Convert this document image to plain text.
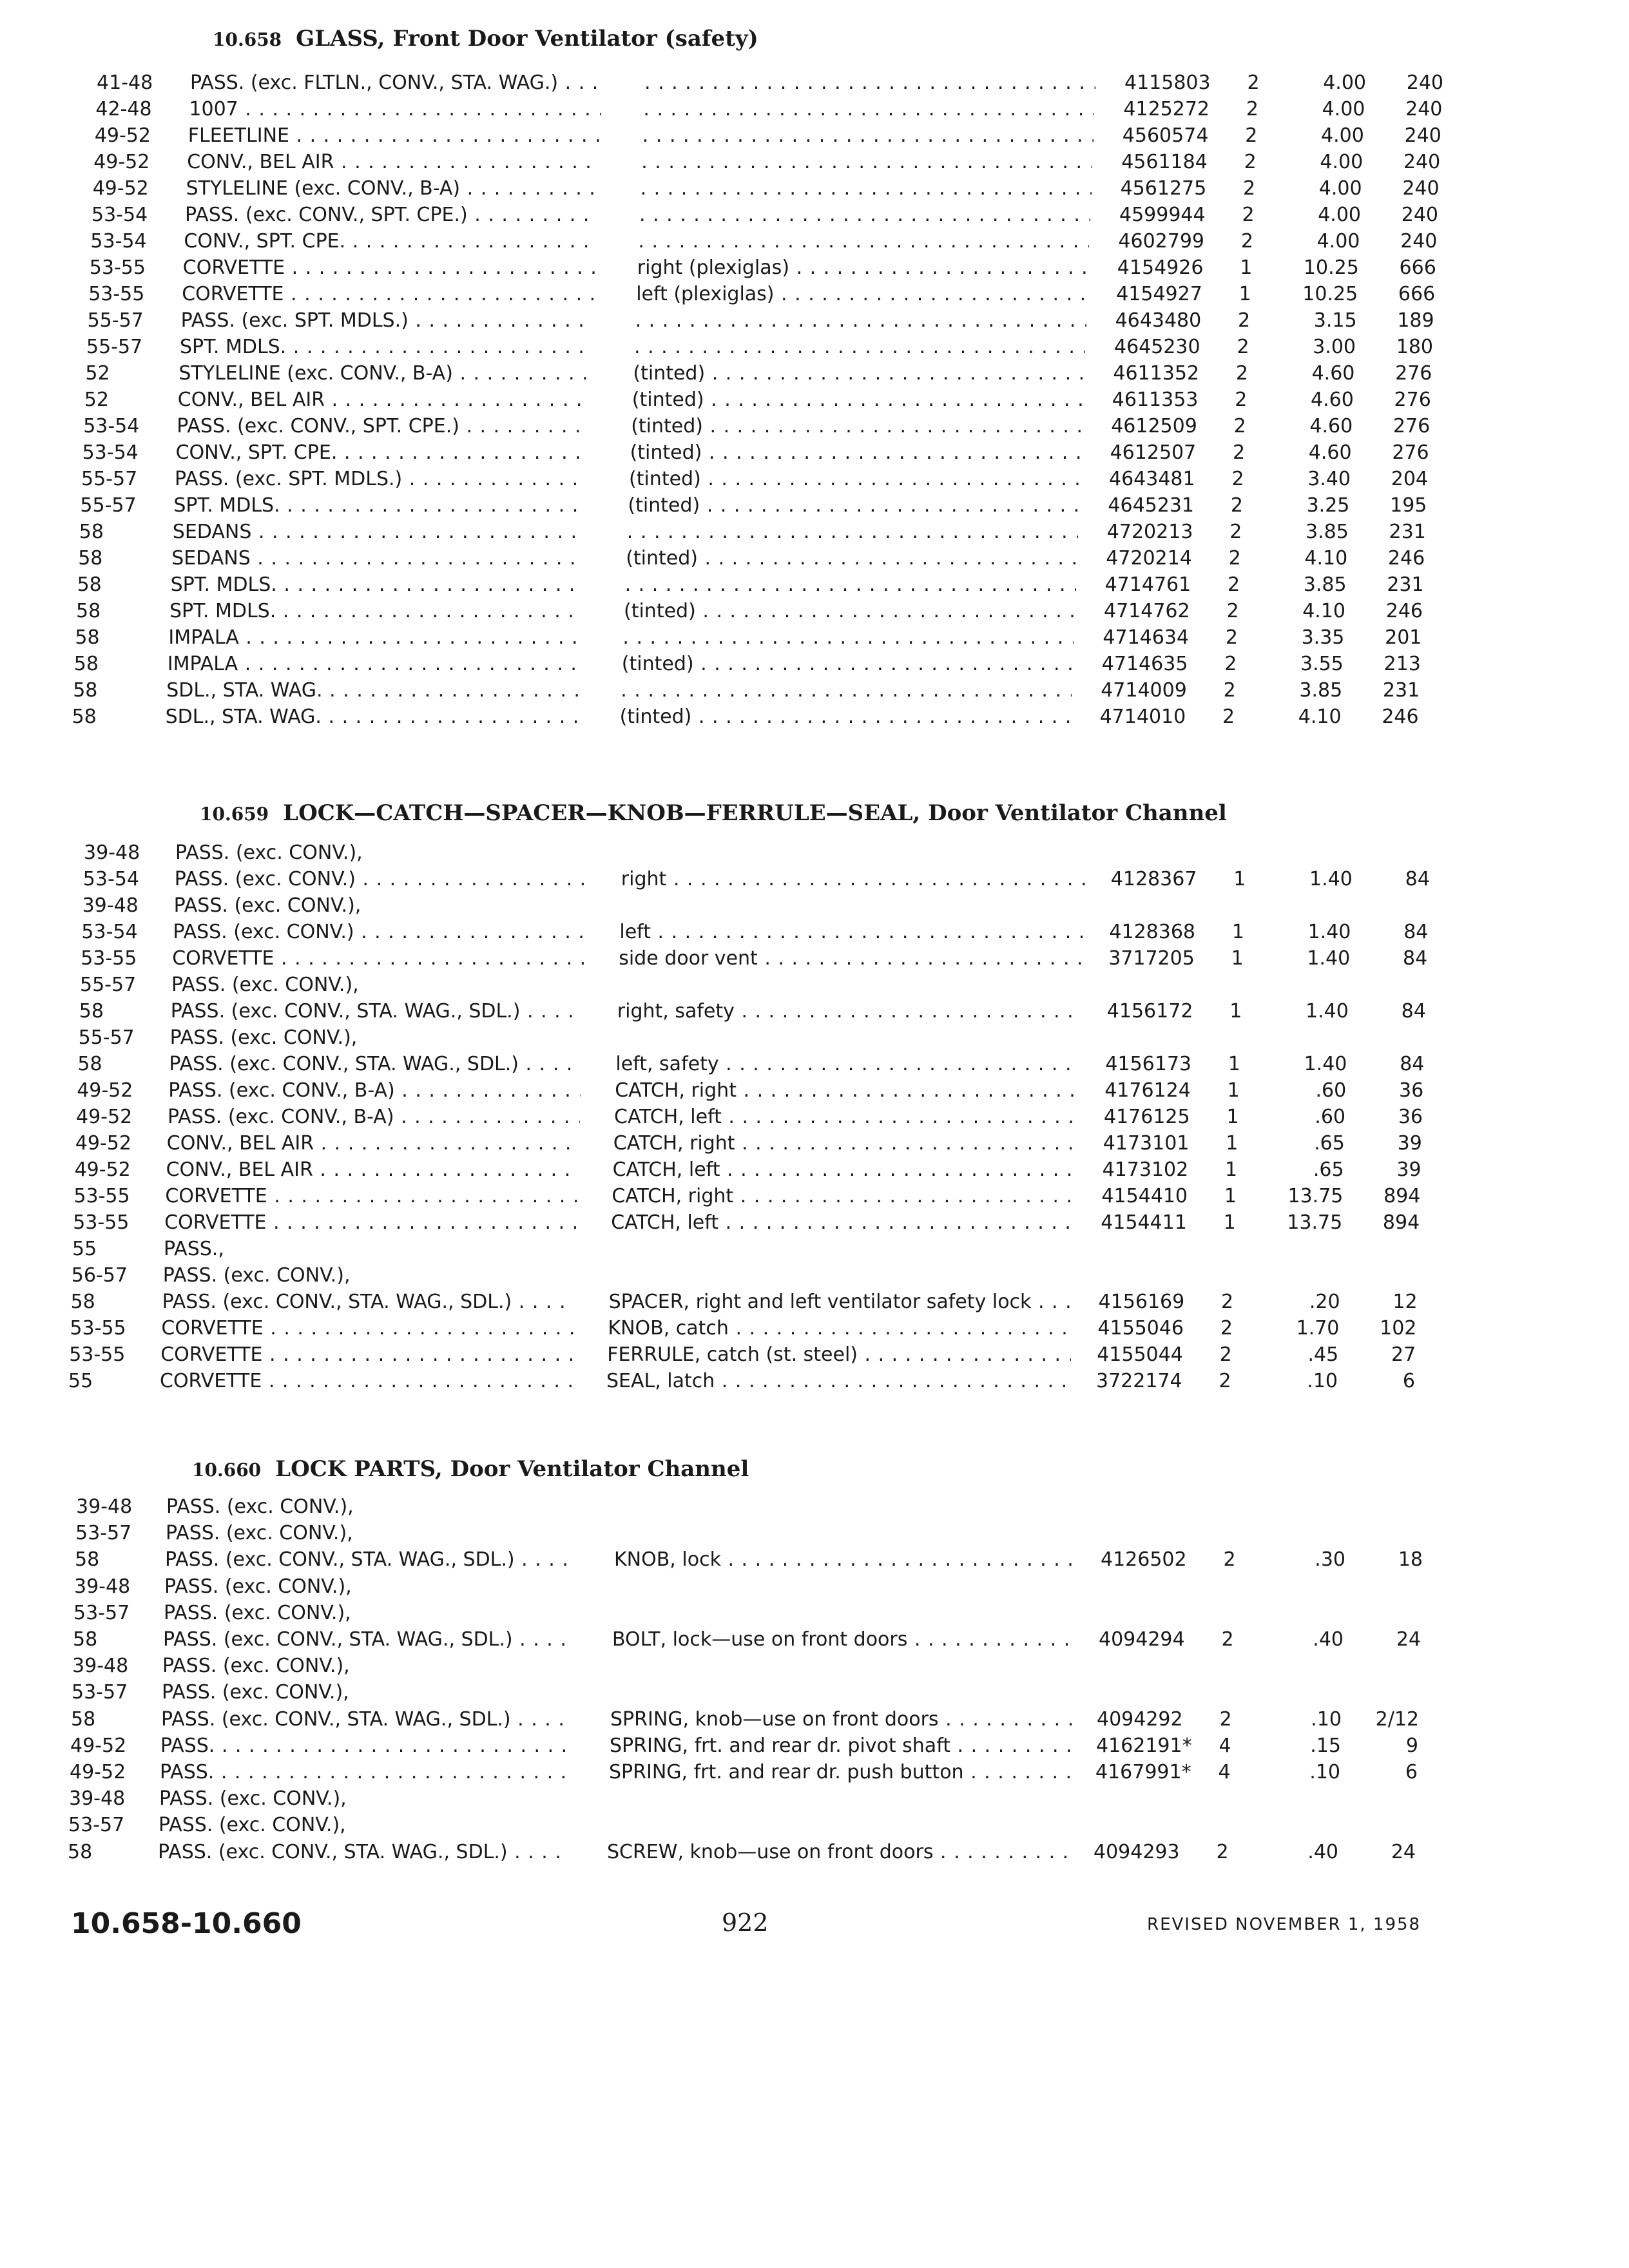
10.658 GLASS, Front Door Ventilator (safety)
41-48	PASS. (exc. FLTLN., CONV., STA. WAG.) . . . . . .	4115803	2	4.00	240
42-48	1007 . . . . . .	4125272	2	4.00	240
49-52	FLEETLINE . . . . . .	4560574	2	4.00	240
49-52	CONV., BEL AIR . . . . . .	4561184	2	4.00	240
49-52	STYLELINE (exc. CONV., B-A) . . . . . .	4561275	2	4.00	240
53-54	PASS. (exc. CONV., SPT. CPE.) . . . . . .	4599944	2	4.00	240
53-54	CONV., SPT. CPE. . . . . . .	4602799	2	4.00	240
53-55	CORVETTE . . .	right (plexiglas) . . .	4154926	1	10.25	666
53-55	CORVETTE . . .	left (plexiglas) . . .	4154927	1	10.25	666
55-57	PASS. (exc. SPT. MDLS.) . . . . . .	4643480	2	3.15	189
55-57	SPT. MDLS. . . . . . .	4645230	2	3.00	180
52	STYLELINE (exc. CONV., B-A) . . .	(tinted) . . .	4611352	2	4.60	276
52	CONV., BEL AIR . . .	(tinted) . . .	4611353	2	4.60	276
53-54	PASS. (exc. CONV., SPT. CPE.) . . .	(tinted) . . .	4612509	2	4.60	276
53-54	CONV., SPT. CPE. . . .	(tinted) . . .	4612507	2	4.60	276
55-57	PASS. (exc. SPT. MDLS.) . . .	(tinted) . . .	4643481	2	3.40	204
55-57	SPT. MDLS. . . .	(tinted) . . .	4645231	2	3.25	195
58	SEDANS . . . . . .	4720213	2	3.85	231
58	SEDANS . . .	(tinted) . . .	4720214	2	4.10	246
58	SPT. MDLS. . . . . . .	4714761	2	3.85	231
58	SPT. MDLS. . . .	(tinted) . . .	4714762	2	4.10	246
58	IMPALA . . . . . .	4714634	2	3.35	201
58	IMPALA . . .	(tinted) . . .	4714635	2	3.55	213
58	SDL., STA. WAG. . . . . . .	4714009	2	3.85	231
58	SDL., STA. WAG. . . .	(tinted) . . .	4714010	2	4.10	246
10.659 LOCK—CATCH—SPACER—KNOB—FERRULE—SEAL, Door Ventilator Channel
39-48	PASS. (exc. CONV.),
53-54	PASS. (exc. CONV.) . . .	right . . .	4128367	1	1.40	84
39-48	PASS. (exc. CONV.),
53-54	PASS. (exc. CONV.) . . .	left . . .	4128368	1	1.40	84
53-55	CORVETTE . . .	side door vent . . .	3717205	1	1.40	84
55-57	PASS. (exc. CONV.),
58	PASS. (exc. CONV., STA. WAG., SDL.) . . .	right, safety . . .	4156172	1	1.40	84
55-57	PASS. (exc. CONV.),
58	PASS. (exc. CONV., STA. WAG., SDL.) . . .	left, safety . . .	4156173	1	1.40	84
49-52	PASS. (exc. CONV., B-A) . . .	CATCH, right . . .	4176124	1	.60	36
49-52	PASS. (exc. CONV., B-A) . . .	CATCH, left . . .	4176125	1	.60	36
49-52	CONV., BEL AIR . . .	CATCH, right . . .	4173101	1	.65	39
49-52	CONV., BEL AIR . . .	CATCH, left . . .	4173102	1	.65	39
53-55	CORVETTE . . .	CATCH, right . . .	4154410	1	13.75	894
53-55	CORVETTE . . .	CATCH, left . . .	4154411	1	13.75	894
55	PASS.,
56-57	PASS. (exc. CONV.),
58	PASS. (exc. CONV., STA. WAG., SDL.) . . .	SPACER, right and left ventilator safety lock . . .	4156169	2	.20	12
53-55	CORVETTE . . .	KNOB, catch . . .	4155046	2	1.70	102
53-55	CORVETTE . . .	FERRULE, catch (st. steel) . . .	4155044	2	.45	27
55	CORVETTE . . .	SEAL, latch . . .	3722174	2	.10	6
10.660 LOCK PARTS, Door Ventilator Channel
39-48	PASS. (exc. CONV.),
53-57	PASS. (exc. CONV.),
58	PASS. (exc. CONV., STA. WAG., SDL.) . . .	KNOB, lock . . .	4126502	2	.30	18
39-48	PASS. (exc. CONV.),
53-57	PASS. (exc. CONV.),
58	PASS. (exc. CONV., STA. WAG., SDL.) . . .	BOLT, lock—use on front doors . . .	4094294	2	.40	24
39-48	PASS. (exc. CONV.),
53-57	PASS. (exc. CONV.),
58	PASS. (exc. CONV., STA. WAG., SDL.) . . .	SPRING, knob—use on front doors . . .	4094292	2	.10	2/12
49-52	PASS. . . .	SPRING, frt. and rear dr. pivot shaft . . .	4162191*	4	.15	9
49-52	PASS. . . .	SPRING, frt. and rear dr. push button . . .	4167991*	4	.10	6
39-48	PASS. (exc. CONV.),
53-57	PASS. (exc. CONV.),
58	PASS. (exc. CONV., STA. WAG., SDL.) . . .	SCREW, knob—use on front doors . . .	4094293	2	.40	24
10.658-10.660	922	REVISED NOVEMBER 1, 1958
